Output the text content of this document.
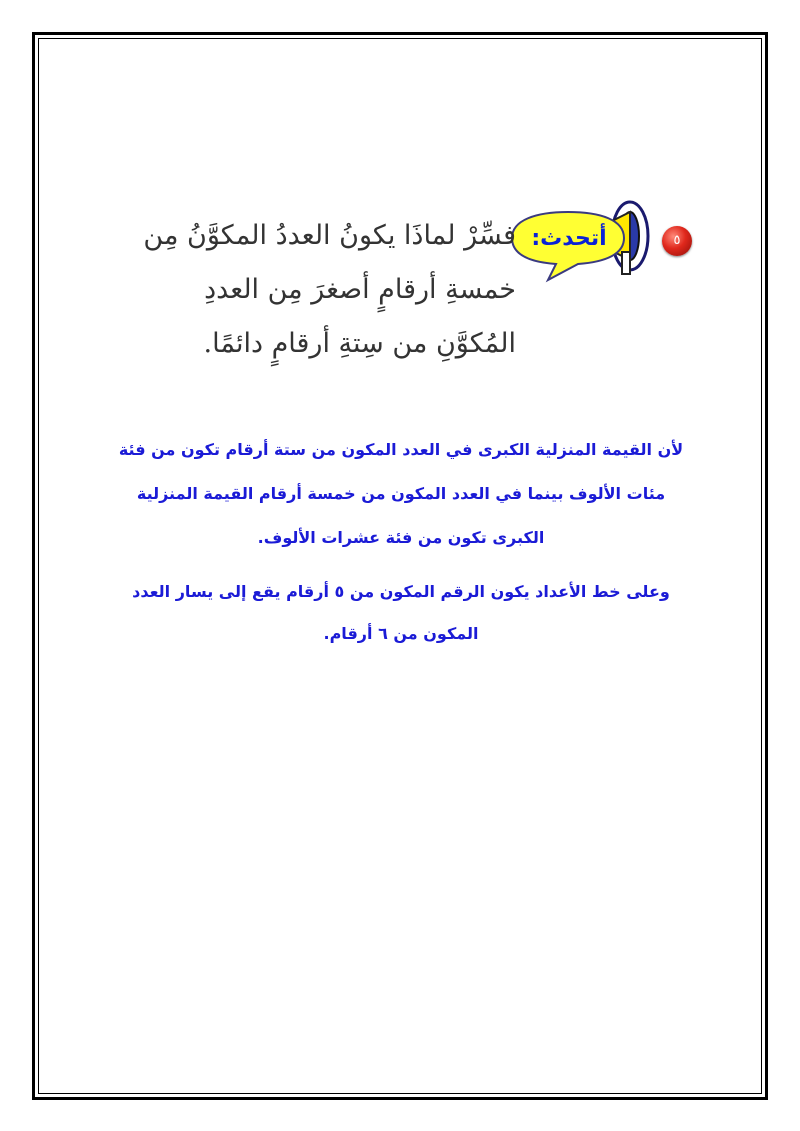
٥
أتحدث:
فسِّرْ لماذَا يكونُ العددُ المكوَّنُ مِن
خمسةِ أرقامٍ أصغرَ مِن العددِ
المُكوَّنِ من سِتةِ أرقامٍ دائمًا.
لأن القيمة المنزلية الكبرى في العدد المكون من ستة أرقام تكون من فئة
مئات الألوف بينما في العدد المكون من خمسة أرقام القيمة المنزلية
الكبرى تكون من فئة عشرات الألوف.
وعلى خط الأعداد يكون الرقم المكون من ٥ أرقام يقع إلى يسار العدد
المكون من ٦ أرقام.
